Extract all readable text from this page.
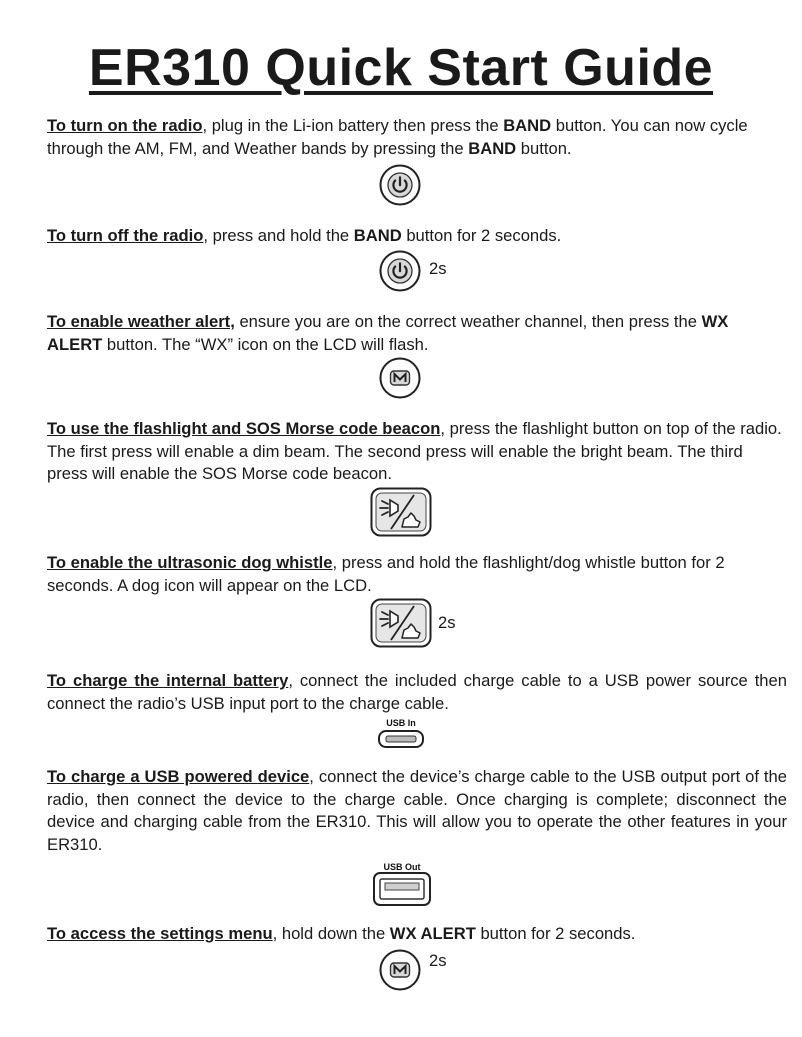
ER310 Quick Start Guide
To turn on the radio, plug in the Li-ion battery then press the BAND button. You can now cycle through the AM, FM, and Weather bands by pressing the BAND button.
To turn off the radio, press and hold the BAND button for 2 seconds.
2s
To enable weather alert, ensure you are on the correct weather channel, then press the WX ALERT button. The “WX” icon on the LCD will flash.
To use the flashlight and SOS Morse code beacon, press the flashlight button on top of the radio. The first press will enable a dim beam. The second press will enable the bright beam. The third press will enable the SOS Morse code beacon.
To enable the ultrasonic dog whistle, press and hold the flashlight/dog whistle button for 2 seconds. A dog icon will appear on the LCD.
2s
To charge the internal battery, connect the included charge cable to a USB power source then connect the radio’s USB input port to the charge cable.
USB In
To charge a USB powered device, connect the device’s charge cable to the USB output port of the radio, then connect the device to the charge cable. Once charging is complete; disconnect the device and charging cable from the ER310. This will allow you to operate the other features in your ER310.
USB Out
To access the settings menu, hold down the WX ALERT button for 2 seconds.
2s
